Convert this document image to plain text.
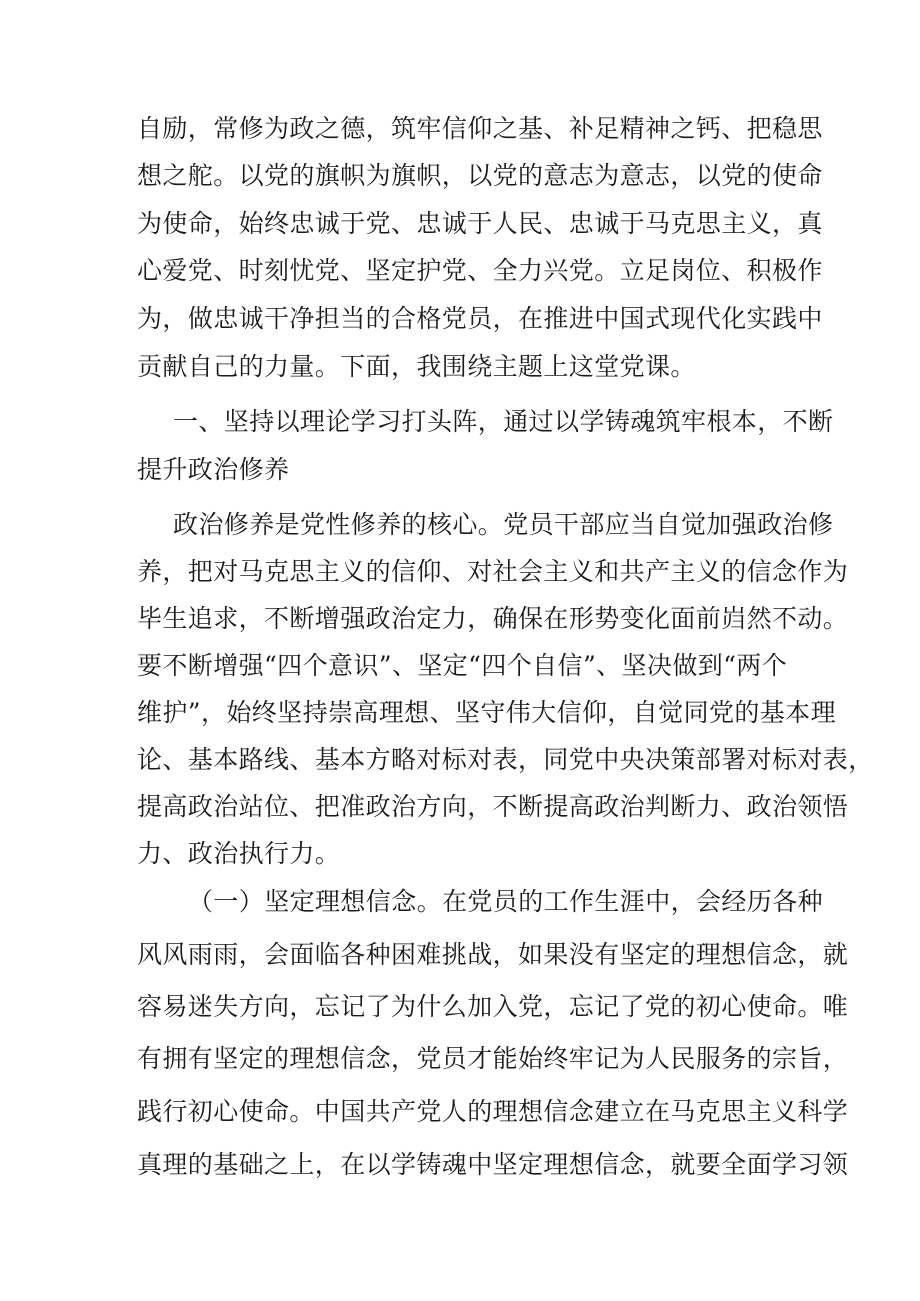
自励，常修为政之德，筑牢信仰之基、补足精神之钙、把稳思
想之舵。以党的旗帜为旗帜，以党的意志为意志，以党的使命
为使命，始终忠诚于党、忠诚于人民、忠诚于马克思主义，真
心爱党、时刻忧党、坚定护党、全力兴党。立足岗位、积极作
为，做忠诚干净担当的合格党员，在推进中国式现代化实践中
贡献自己的力量。下面，我围绕主题上这堂党课。
一、坚持以理论学习打头阵，通过以学铸魂筑牢根本，不断
提升政治修养
政治修养是党性修养的核心。党员干部应当自觉加强政治修
养，把对马克思主义的信仰、对社会主义和共产主义的信念作为
毕生追求，不断增强政治定力，确保在形势变化面前岿然不动。
要不断增强“四个意识”、坚定“四个自信”、坚决做到“两个
维护”，始终坚持崇高理想、坚守伟大信仰，自觉同党的基本理
论、基本路线、基本方略对标对表，同党中央决策部署对标对表，
提高政治站位、把准政治方向，不断提高政治判断力、政治领悟
力、政治执行力。
（一）坚定理想信念。在党员的工作生涯中，会经历各种
风风雨雨，会面临各种困难挑战，如果没有坚定的理想信念，就
容易迷失方向，忘记了为什么加入党，忘记了党的初心使命。唯
有拥有坚定的理想信念，党员才能始终牢记为人民服务的宗旨，
践行初心使命。中国共产党人的理想信念建立在马克思主义科学
真理的基础之上，在以学铸魂中坚定理想信念，就要全面学习领
